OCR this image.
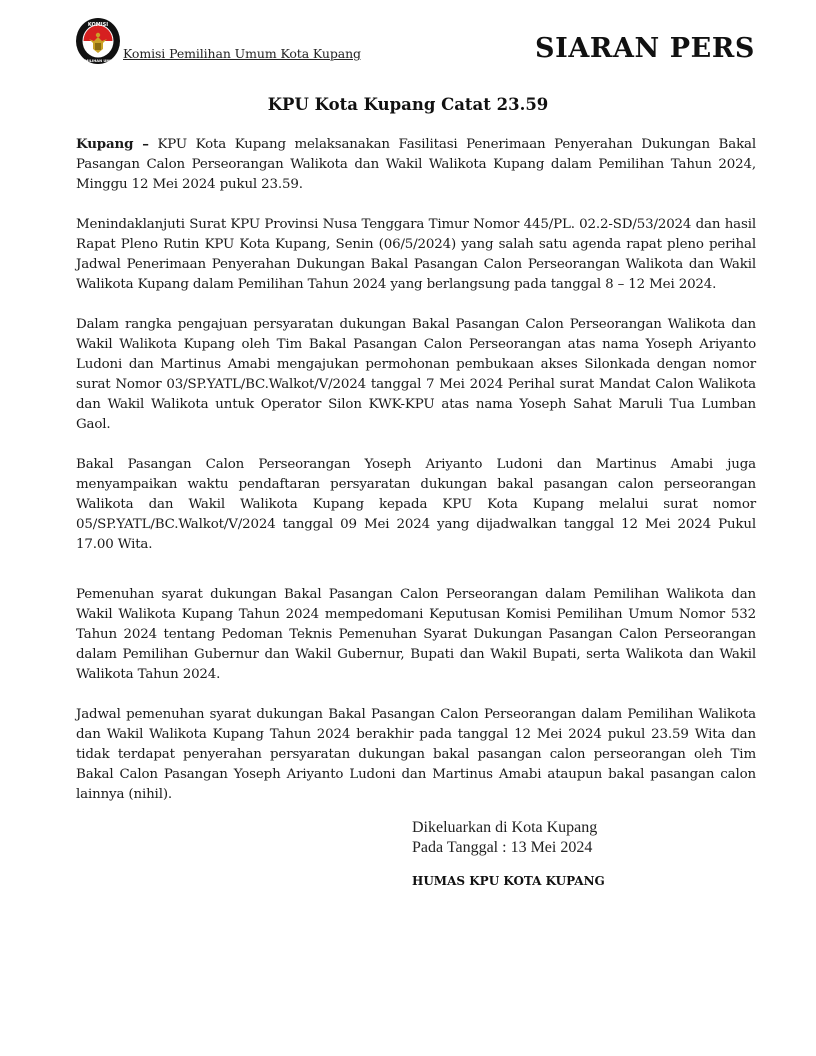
KOMISI
PEMILIHAN UMUM Komisi Pemilihan Umum Kota Kupang	SIARAN PERS
KPU Kota Kupang Catat 23.59

Kupang – KPU Kota Kupang melaksanakan Fasilitasi Penerimaan Penyerahan Dukungan Bakal Pasangan Calon Perseorangan Walikota dan Wakil Walikota Kupang dalam Pemilihan Tahun 2024, Minggu 12 Mei 2024 pukul 23.59.

Menindaklanjuti Surat KPU Provinsi Nusa Tenggara Timur Nomor 445/PL. 02.2-SD/53/2024 dan hasil Rapat Pleno Rutin KPU Kota Kupang, Senin (06/5/2024) yang salah satu agenda rapat pleno perihal Jadwal Penerimaan Penyerahan Dukungan Bakal Pasangan Calon Perseorangan Walikota dan Wakil Walikota Kupang dalam Pemilihan Tahun 2024 yang berlangsung pada tanggal 8 – 12 Mei 2024.

Dalam rangka pengajuan persyaratan dukungan Bakal Pasangan Calon Perseorangan Walikota dan Wakil Walikota Kupang oleh Tim Bakal Pasangan Calon Perseorangan atas nama Yoseph Ariyanto Ludoni dan Martinus Amabi mengajukan permohonan pembukaan akses Silonkada dengan nomor surat Nomor 03/SP.YATL/BC.Walkot/V/2024 tanggal 7 Mei 2024 Perihal surat Mandat Calon Walikota dan Wakil Walikota untuk Operator Silon KWK-KPU atas nama Yoseph Sahat Maruli Tua Lumban Gaol.

Bakal Pasangan Calon Perseorangan Yoseph Ariyanto Ludoni dan Martinus Amabi juga menyampaikan waktu pendaftaran persyaratan dukungan bakal pasangan calon perseorangan Walikota dan Wakil Walikota Kupang kepada KPU Kota Kupang melalui surat nomor 05/SP.YATL/BC.Walkot/V/2024 tanggal 09 Mei 2024 yang dijadwalkan tanggal 12 Mei 2024 Pukul 17.00 Wita.

Pemenuhan syarat dukungan Bakal Pasangan Calon Perseorangan dalam Pemilihan Walikota dan Wakil Walikota Kupang Tahun 2024 mempedomani Keputusan Komisi Pemilihan Umum Nomor 532 Tahun 2024 tentang Pedoman Teknis Pemenuhan Syarat Dukungan Pasangan Calon Perseorangan dalam Pemilihan Gubernur dan Wakil Gubernur, Bupati dan Wakil Bupati, serta Walikota dan Wakil Walikota Tahun 2024.

Jadwal pemenuhan syarat dukungan Bakal Pasangan Calon Perseorangan dalam Pemilihan Walikota dan Wakil Walikota Kupang Tahun 2024 berakhir pada tanggal 12 Mei 2024 pukul 23.59 Wita dan tidak terdapat penyerahan persyaratan dukungan bakal pasangan calon perseorangan oleh Tim Bakal Calon Pasangan Yoseph Ariyanto Ludoni dan Martinus Amabi ataupun bakal pasangan calon lainnya (nihil).

Dikeluarkan di Kota Kupang
Pada Tanggal : 13 Mei 2024
HUMAS KPU KOTA KUPANG
